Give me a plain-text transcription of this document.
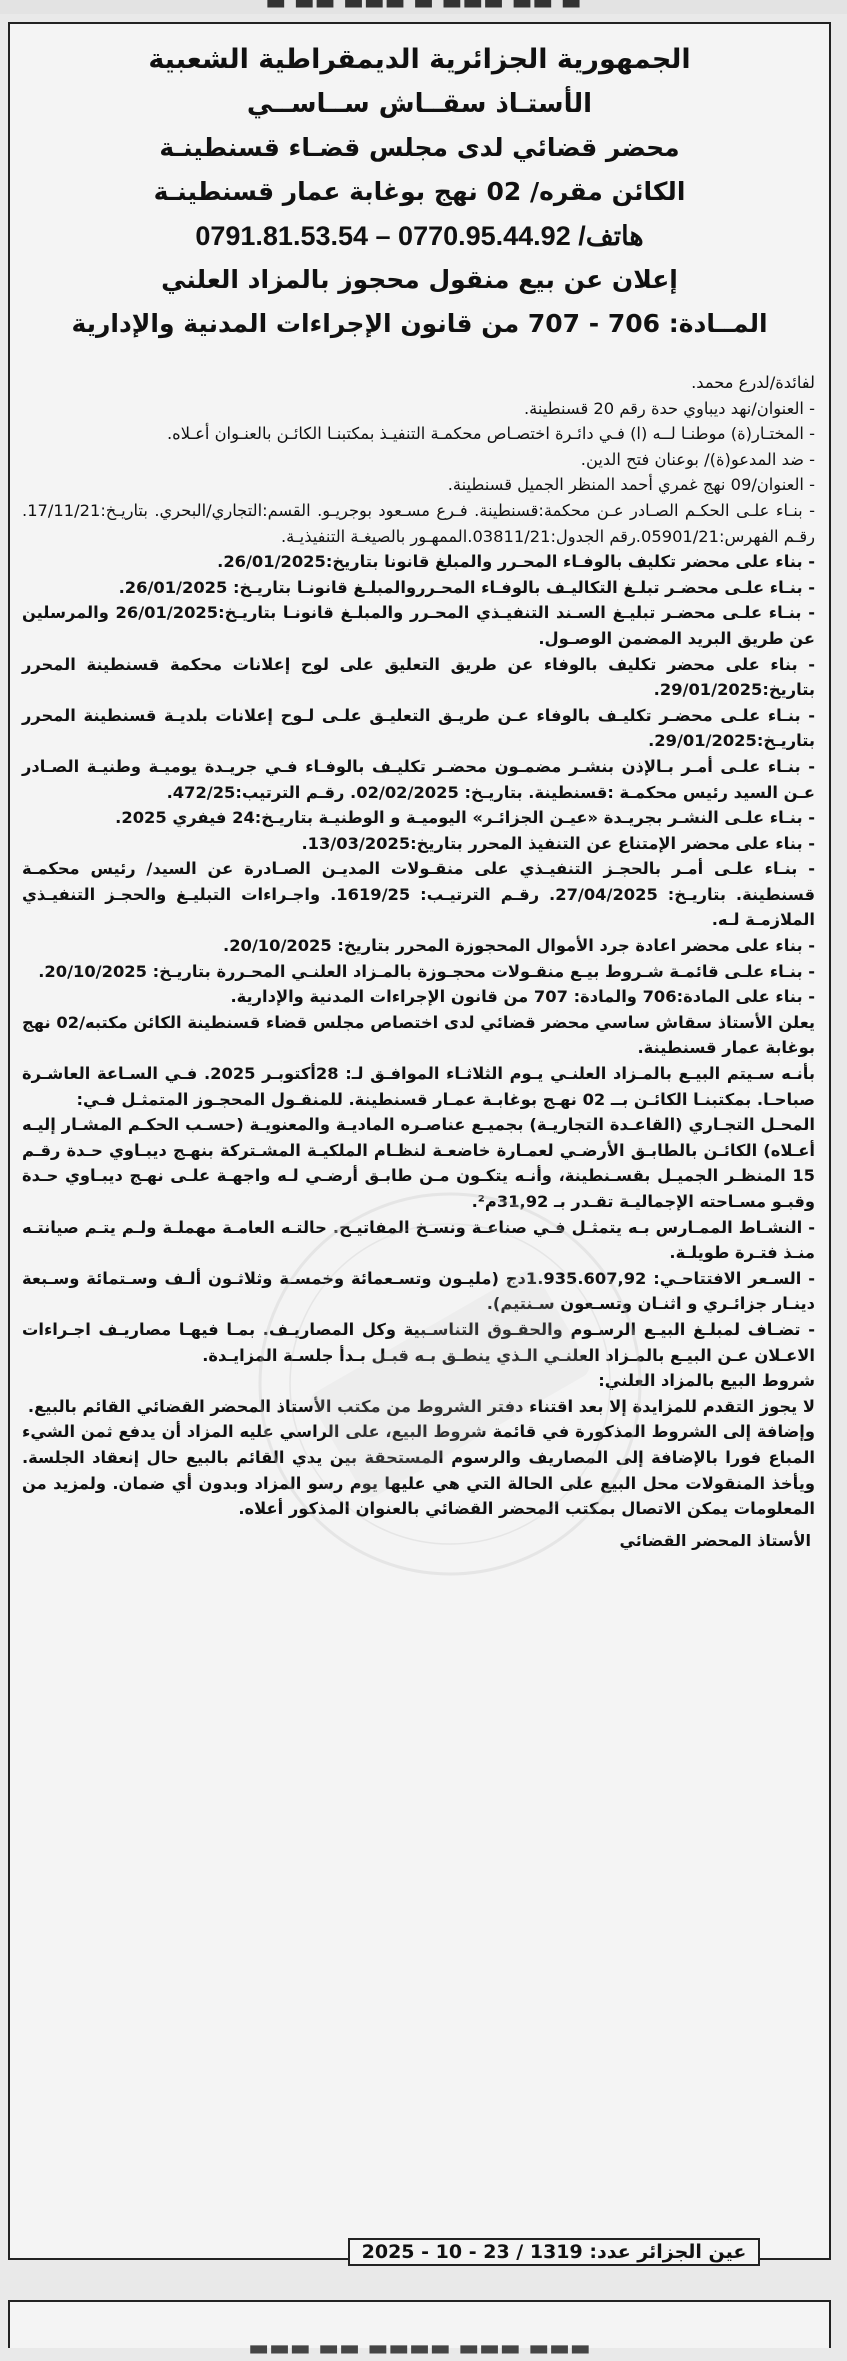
▬ ▬▬ ▬▬▬ ▬ ▬▬▬ ▬▬ ▬
الجمهورية الجزائرية الديمقراطية الشعبية
الأستـاذ سقــاش ســاســي
محضر قضائي لدى مجلس قضـاء قسنطينـة
الكائن مقره/ 02 نهج بوغابة عمار قسنطينـة
هاتف/ 0770.95.44.92 – 0791.81.53.54
إعلان عن بيع منقول محجوز بالمزاد العلني
المــادة: 706 - 707 من قانون الإجراءات المدنية والإدارية

لفائدة/لدرع محمد.

- العنوان/نهد ديباوي حدة رقم 20 قسنطينة.

- المختـار(ة) موطنـا لــه (ا) فـي دائـرة اختصـاص محكمـة التنفيـذ بمكتبنـا الكائـن بالعنـوان أعـلاه.

- ضد المدعو(ة)/ بوعنان فتح الدين.

- العنوان/09 نهج غمري أحمد المنظر الجميل قسنطينة.

- بنـاء علـى الحكـم الصـادر عـن محكمة:قسنطينة. فـرع مسـعود بوجريـو. القسم:التجاري/البحري. بتاريـخ:17/11/21. رقـم الفهرس:05901/21.رقم الجدول:03811/21.الممهـور بالصيغـة التنفيذيـة.

- بناء على محضر تكليف بالوفـاء المحـرر والمبلغ قانونا بتاريخ:26/01/2025.

- بنـاء علـى محضـر تبلـغ التكاليـف بالوفـاء المحـرروالمبلـغ قانونـا بتاريـخ: 26/01/2025.

- بنـاء علـى محضـر تبليـغ السـند التنفيـذي المحـرر والمبلـغ قانونـا بتاريـخ:26/01/2025 والمرسلين عن طريق البريد المضمن الوصـول.

- بناء على محضر تكليف بالوفاء عن طريق التعليق على لوح إعلانات محكمة قسنطينة المحرر بتاريخ:29/01/2025.

- بنـاء علـى محضـر تكليـف بالوفاء عـن طريـق التعليـق علـى لـوح إعلانات بلديـة قسنطينة المحرر بتاريـخ:29/01/2025.

- بنـاء علـى أمـر بـالإذن بنشـر مضمـون محضـر تكليـف بالوفـاء فـي جريـدة يوميـة وطنيـة الصـادر عـن السيد رئيس محكمـة :قسنطينة. بتاريـخ: 02/02/2025. رقـم الترتيب:472/25.

- بنـاء علـى النشـر بجريـدة «عيـن الجزائـر» اليوميـة و الوطنيـة بتاريـخ:24 فيفري 2025.

- بناء على محضر الإمتناع عن التنفيذ المحرر بتاريخ:13/03/2025.

- بنـاء علـى أمـر بالحجـز التنفيـذي على منقـولات المديـن الصـادرة عن السيد/ رئيس محكمـة قسنطينة. بتاريـخ: 27/04/2025. رقـم الترتيـب: 1619/25. واجـراءات التبليـغ والحجـز التنفيـذي الملازمـة لـه.

- بناء على محضر اعادة جرد الأموال المحجوزة المحرر بتاريخ: 20/10/2025.

- بنـاء علـى قائمـة شـروط بيـع منقـولات محجـوزة بالمـزاد العلنـي المحـررة بتاريـخ: 20/10/2025.

- بناء على المادة:706 والمادة: 707 من قانون الإجراءات المدنية والإدارية.

يعلن الأستاذ سقاش ساسي محضر قضائي لدى اختصاص مجلس قضاء قسنطينة الكائن مكتبه/02 نهج بوغابة عمار قسنطينة.

بأنـه سـيتم البيـع بالمـزاد العلنـي يـوم الثلاثـاء الموافـق لـ: 28أكتوبـر 2025. فـي السـاعة العاشـرة صباحـا. بمكتبنـا الكائـن بــ 02 نهـج بوغابـة عمـار قسنطينة. للمنقـول المحجـوز المتمثـل فـي:

المحـل التجـاري (القاعـدة التجاريـة) بجميـع عناصـره الماديـة والمعنويـة (حسـب الحكـم المشـار إليـه أعـلاه) الكائـن بالطابـق الأرضـي لعمـارة خاضعـة لنظـام الملكيـة المشـتركة بنهـج ديبـاوي حـدة رقـم 15 المنظـر الجميـل بقسـنطينة، وأنـه يتكـون مـن طابـق أرضـي لـه واجهـة علـى نهـج ديبـاوي حـدة وقبـو مسـاحته الإجماليـة تقـدر بـ 31,92م².

- النشـاط الممـارس بـه يتمثـل فـي صناعـة ونسـخ المفاتيـح. حالتـه العامـة مهملـة ولـم يتـم صيانتـه منـذ فتـرة طويلـة.

- السـعر الافتتاحـي: 1.935.607,92دج (مليـون وتسـعمائة وخمسـة وثلاثـون ألـف وسـتمائة وسـبعة دينـار جزائـري و اثنـان وتسـعون سـنتيم).

- تضـاف لمبلـغ البيـع الرسـوم والحقـوق التناسـبية وكل المصاريـف. بمـا فيهـا مصاريـف اجـراءات الاعـلان عـن البيـع بالمـزاد العلنـي الـذي ينطـق بـه قبـل بـدأ جلسـة المزايـدة.

شروط البيع بالمزاد العلني:

لا يجوز التقدم للمزايدة إلا بعد اقتناء دفتر الشروط من مكتب الأستاذ المحضر القضائي القائم بالبيع.

وإضافة إلى الشروط المذكورة في قائمة شروط البيع، على الراسي عليه المزاد أن يدفع ثمن الشيء المباع فورا بالإضافة إلى المصاريف والرسوم المستحقة بين يدي القائم بالبيع حال إنعقاد الجلسة. ويأخذ المنقولات محل البيع على الحالة التي هي عليها يوم رسو المزاد وبدون أي ضمان. ولمزيد من المعلومات يمكن الاتصال بمكتب المحضر القضائي بالعنوان المذكور أعلاه.

الأستاذ المحضر القضائي
عين الجزائر عدد: 1319 / 23 - 10 - 2025
▬▬▬ ▬▬ ▬▬▬▬ ▬▬▬ ▬▬▬
